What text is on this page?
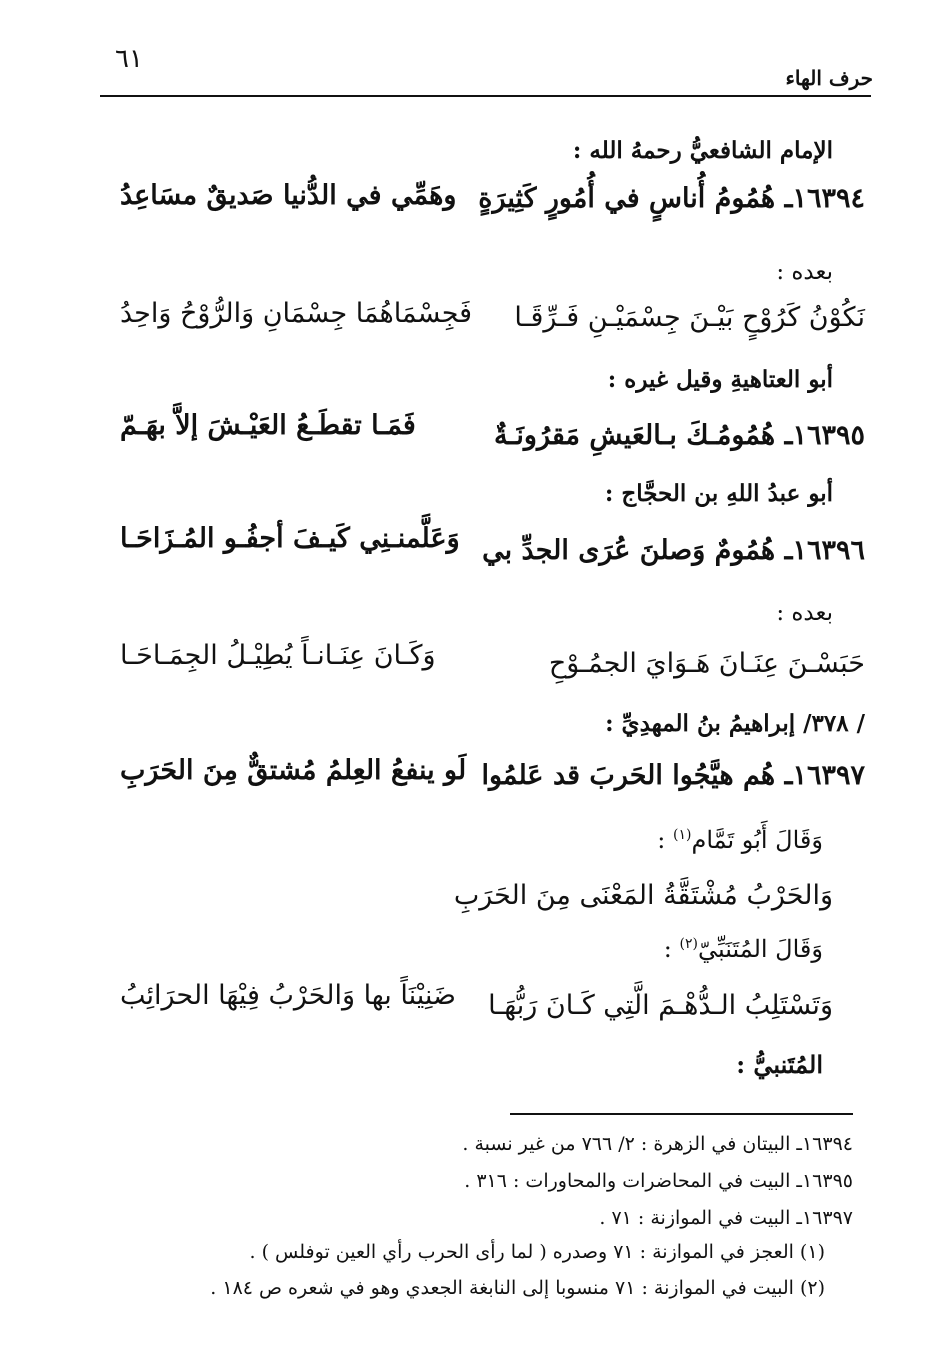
٦١
حرف الهاء
الإمام الشافعيُّ رحمهُ الله :
١٦٣٩٤ـ هُمُومُ أُناسٍ في أُمُورٍ كَثِيرَةٍ
وهَمِّي في الدُّنيا صَديقٌ مسَاعِدُ
بعده :
نَكُوْنُ كَرُوْحٍ بَيْـنَ جِسْمَيْـنِ فَـرِّقَـا
فَجِسْمَاهُمَا جِسْمَانِ وَالرُّوْحُ وَاحِدُ
أبو العتاهيةِ وقيل غيره :
١٦٣٩٥ـ هُمُومُـكَ بـالعَيشِ مَقرُونَـةٌ
فَمَـا تقطَـعُ العَيْـشَ إلاَّ بهَـمّ
أبو عبدُ اللهِ بن الحجَّاج :
١٦٣٩٦ـ هُمُومٌ وَصلنَ عُرَى الجدِّ بي
وَعَلَّمنـنِي كَيـفَ أجفُـو المُـزَاحَـا
بعده :
حَبَسْـنَ عِنَـانَ هَـوَايَ الجمُـوْحِ
وَكَـانَ عِنَـانـاً يُطِيْـلُ الجِمَـاحَـا
/ ٣٧٨/ إبراهيمُ بنُ المهدِيِّ :
١٦٣٩٧ـ هُم هيَّجُوا الحَربَ قد عَلمُوا
لَو ينفعُ العِلمُ مُشتقٌّ مِنَ الحَرَبِ
وَقَالَ أَبُو تَمَّام$^{(١)}$ :
وَالحَرْبُ مُشْتَقَّةُ المَعْنَى مِنَ الحَرَبِ
وَقَالَ المُتَنَبِّيّ$^{(٢)}$ :
وَتَسْتَلِبُ الـدُّهْـمَ الَّتِي كَـانَ رَبُّهَـا
ضَنِيْنَاً بها وَالحَرْبُ فِيْهَا الحرَائِبُ
المُتَنبيُّ :
١٦٣٩٤ـ البيتان في الزهرة : ٢/ ٧٦٦ من غير نسبة .
١٦٣٩٥ـ البيت في المحاضرات والمحاورات : ٣١٦ .
١٦٣٩٧ـ البيت في الموازنة : ٧١ .
(١) العجز في الموازنة : ٧١ وصدره ( لما رأى الحرب رأي العين توفلس ) .
(٢) البيت في الموازنة : ٧١ منسوبا إلى النابغة الجعدي وهو في شعره ص ١٨٤ .
